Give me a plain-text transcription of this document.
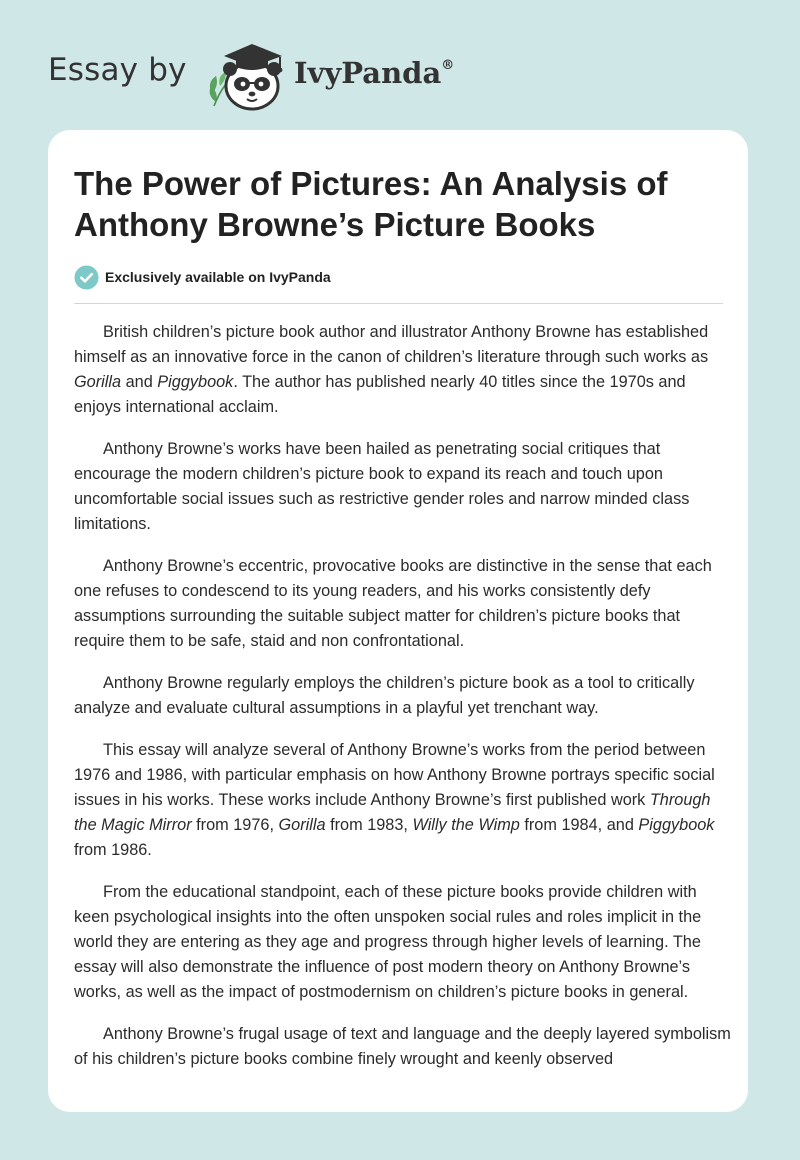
Essay by	IvyPanda®
The Power of Pictures: An Analysis of Anthony Browne’s Picture Books
Exclusively available on IvyPanda

British children’s picture book author and illustrator Anthony Browne has established himself as an innovative force in the canon of children’s literature through such works as Gorilla and Piggybook. The author has published nearly 40 titles since the 1970s and enjoys international acclaim.

Anthony Browne’s works have been hailed as penetrating social critiques that encourage the modern children’s picture book to expand its reach and touch upon uncomfortable social issues such as restrictive gender roles and narrow minded class limitations.

Anthony Browne’s eccentric, provocative books are distinctive in the sense that each one refuses to condescend to its young readers, and his works consistently defy assumptions surrounding the suitable subject matter for children’s picture books that require them to be safe, staid and non confrontational.

Anthony Browne regularly employs the children’s picture book as a tool to critically analyze and evaluate cultural assumptions in a playful yet trenchant way.

This essay will analyze several of Anthony Browne’s works from the period between 1976 and 1986, with particular emphasis on how Anthony Browne portrays specific social issues in his works. These works include Anthony Browne’s first published work Through the Magic Mirror from 1976, Gorilla from 1983, Willy the Wimp from 1984, and Piggybook from 1986.

From the educational standpoint, each of these picture books provide children with keen psychological insights into the often unspoken social rules and roles implicit in the world they are entering as they age and progress through higher levels of learning. The essay will also demonstrate the influence of post modern theory on Anthony Browne’s works, as well as the impact of postmodernism on children’s picture books in general.

Anthony Browne’s frugal usage of text and language and the deeply layered symbolism of his children’s picture books combine finely wrought and keenly observed
